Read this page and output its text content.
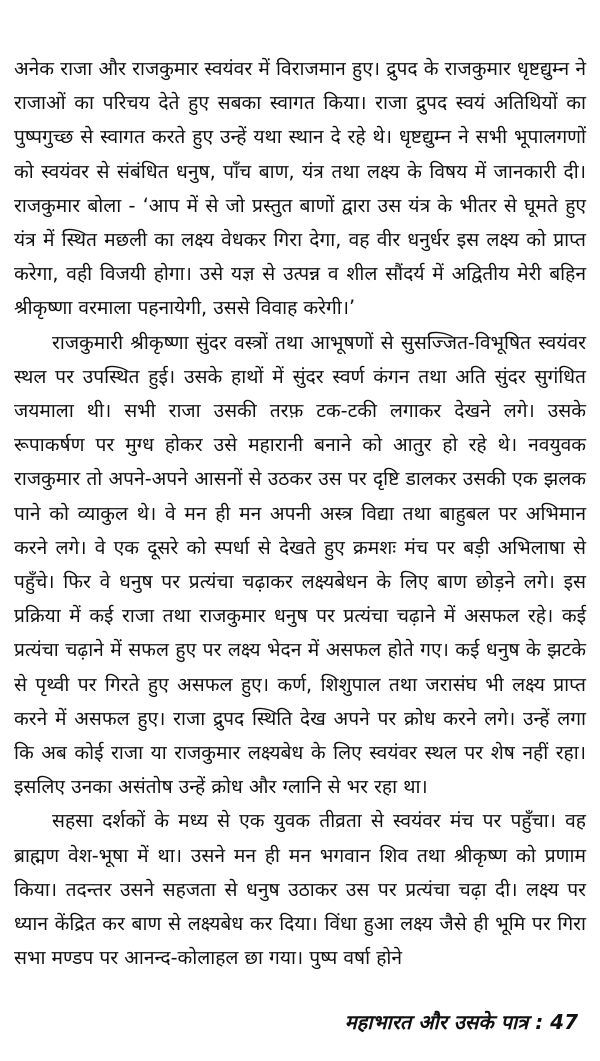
अनेक राजा और राजकुमार स्वयंवर में विराजमान हुए। द्रुपद के राजकुमार धृष्टद्युम्न ने राजाओं का परिचय देते हुए सबका स्वागत किया। राजा द्रुपद स्वयं अतिथियों का पुष्पगुच्छ से स्वागत करते हुए उन्हें यथा स्थान दे रहे थे। धृष्टद्युम्न ने सभी भूपालगणों को स्वयंवर से संबंधित धनुष, पाँच बाण, यंत्र तथा लक्ष्य के विषय में जानकारी दी। राजकुमार बोला - ‘आप में से जो प्रस्तुत बाणों द्वारा उस यंत्र के भीतर से घूमते हुए यंत्र में स्थित मछली का लक्ष्य वेधकर गिरा देगा, वह वीर धनुर्धर इस लक्ष्य को प्राप्त करेगा, वही विजयी होगा। उसे यज्ञ से उत्पन्न व शील सौंदर्य में अद्वितीय मेरी बहिन श्रीकृष्णा वरमाला पहनायेगी, उससे विवाह करेगी।’

राजकुमारी श्रीकृष्णा सुंदर वस्त्रों तथा आभूषणों से सुसज्जित-विभूषित स्वयंवर स्थल पर उपस्थित हुई। उसके हाथों में सुंदर स्वर्ण कंगन तथा अति सुंदर सुगंधित जयमाला थी। सभी राजा उसकी तरफ़ टक-टकी लगाकर देखने लगे। उसके रूपाकर्षण पर मुग्ध होकर उसे महारानी बनाने को आतुर हो रहे थे। नवयुवक राजकुमार तो अपने-अपने आसनों से उठकर उस पर दृष्टि डालकर उसकी एक झलक पाने को व्याकुल थे। वे मन ही मन अपनी अस्त्र विद्या तथा बाहुबल पर अभिमान करने लगे। वे एक दूसरे को स्पर्धा से देखते हुए क्रमशः मंच पर बड़ी अभिलाषा से पहुँचे। फिर वे धनुष पर प्रत्यंचा चढ़ाकर लक्ष्यबेधन के लिए बाण छोड़ने लगे। इस प्रक्रिया में कई राजा तथा राजकुमार धनुष पर प्रत्यंचा चढ़ाने में असफल रहे। कई प्रत्यंचा चढ़ाने में सफल हुए पर लक्ष्य भेदन में असफल होते गए। कई धनुष के झटके से पृथ्वी पर गिरते हुए असफल हुए। कर्ण, शिशुपाल तथा जरासंघ भी लक्ष्य प्राप्त करने में असफल हुए। राजा द्रुपद स्थिति देख अपने पर क्रोध करने लगे। उन्हें लगा कि अब कोई राजा या राजकुमार लक्ष्यबेध के लिए स्वयंवर स्थल पर शेष नहीं रहा। इसलिए उनका असंतोष उन्हें क्रोध और ग्लानि से भर रहा था।

सहसा दर्शकों के मध्य से एक युवक तीव्रता से स्वयंवर मंच पर पहुँचा। वह ब्राह्मण वेश-भूषा में था। उसने मन ही मन भगवान शिव तथा श्रीकृष्ण को प्रणाम किया। तदन्तर उसने सहजता से धनुष उठाकर उस पर प्रत्यंचा चढ़ा दी। लक्ष्य पर ध्यान केंद्रित कर बाण से लक्ष्यबेध कर दिया। विंधा हुआ लक्ष्य जैसे ही भूमि पर गिरा सभा मण्डप पर आनन्द-कोलाहल छा गया। पुष्प वर्षा होने

महाभारत और उसके पात्र : 47
